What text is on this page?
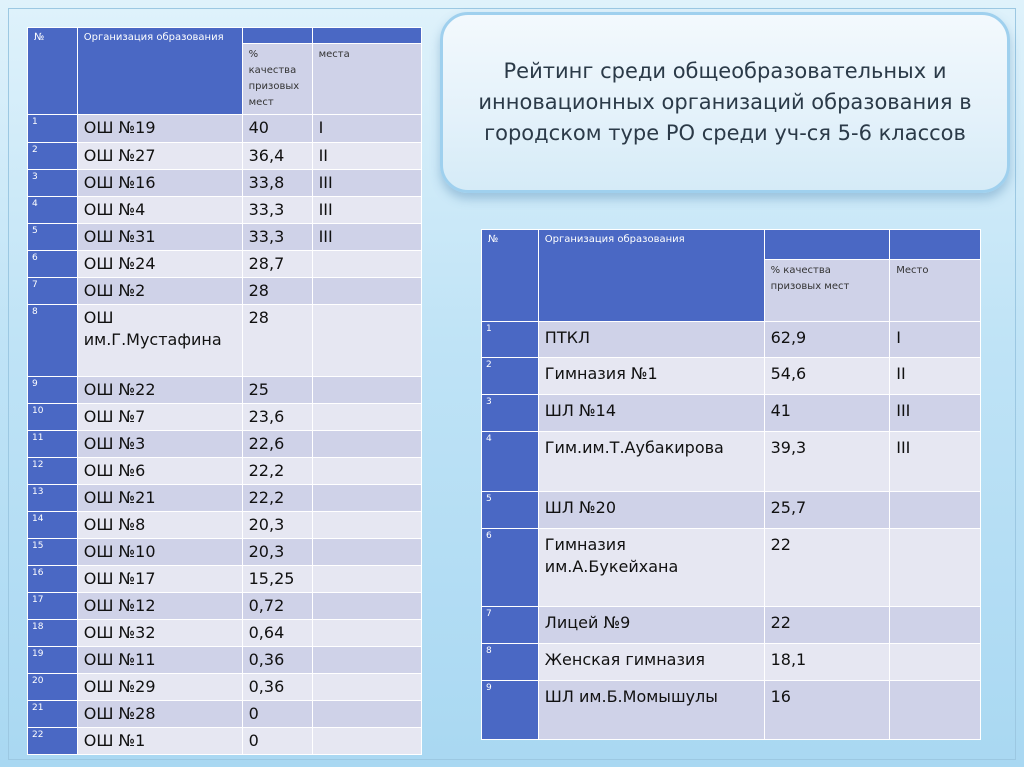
№	Организация образования		

		% качества призовых мест	места
1	ОШ №19	40	I
2	ОШ №27	36,4	II
3	ОШ №16	33,8	III
4	ОШ №4	33,3	III
5	ОШ №31	33,3	III
6	ОШ №24	28,7	
7	ОШ №2	28	
8	ОШ им.Г.Мустафина	28	
9	ОШ №22	25	
10	ОШ №7	23,6	
11	ОШ №3	22,6	
12	ОШ №6	22,2	
13	ОШ №21	22,2	
14	ОШ №8	20,3	
15	ОШ №10	20,3	
16	ОШ №17	15,25	
17	ОШ №12	0,72	
18	ОШ №32	0,64	
19	ОШ №11	0,36	
20	ОШ №29	0,36	
21	ОШ №28	0	
22	ОШ №1	0	
Рейтинг среди общеобразовательных и инновационных организаций образования в городском туре РО среди уч-ся 5-6 классов
№	Организация образования		

		% качества призовых мест	Место
1	ПТКЛ	62,9	I
2	Гимназия №1	54,6	II
3	ШЛ №14	41	III
4	Гим.им.Т.Аубакирова	39,3	III
5	ШЛ №20	25,7	
6	Гимназия им.А.Букейхана	22	
7	Лицей №9	22	
8	Женская гимназия	18,1	
9	ШЛ им.Б.Момышулы	16	
